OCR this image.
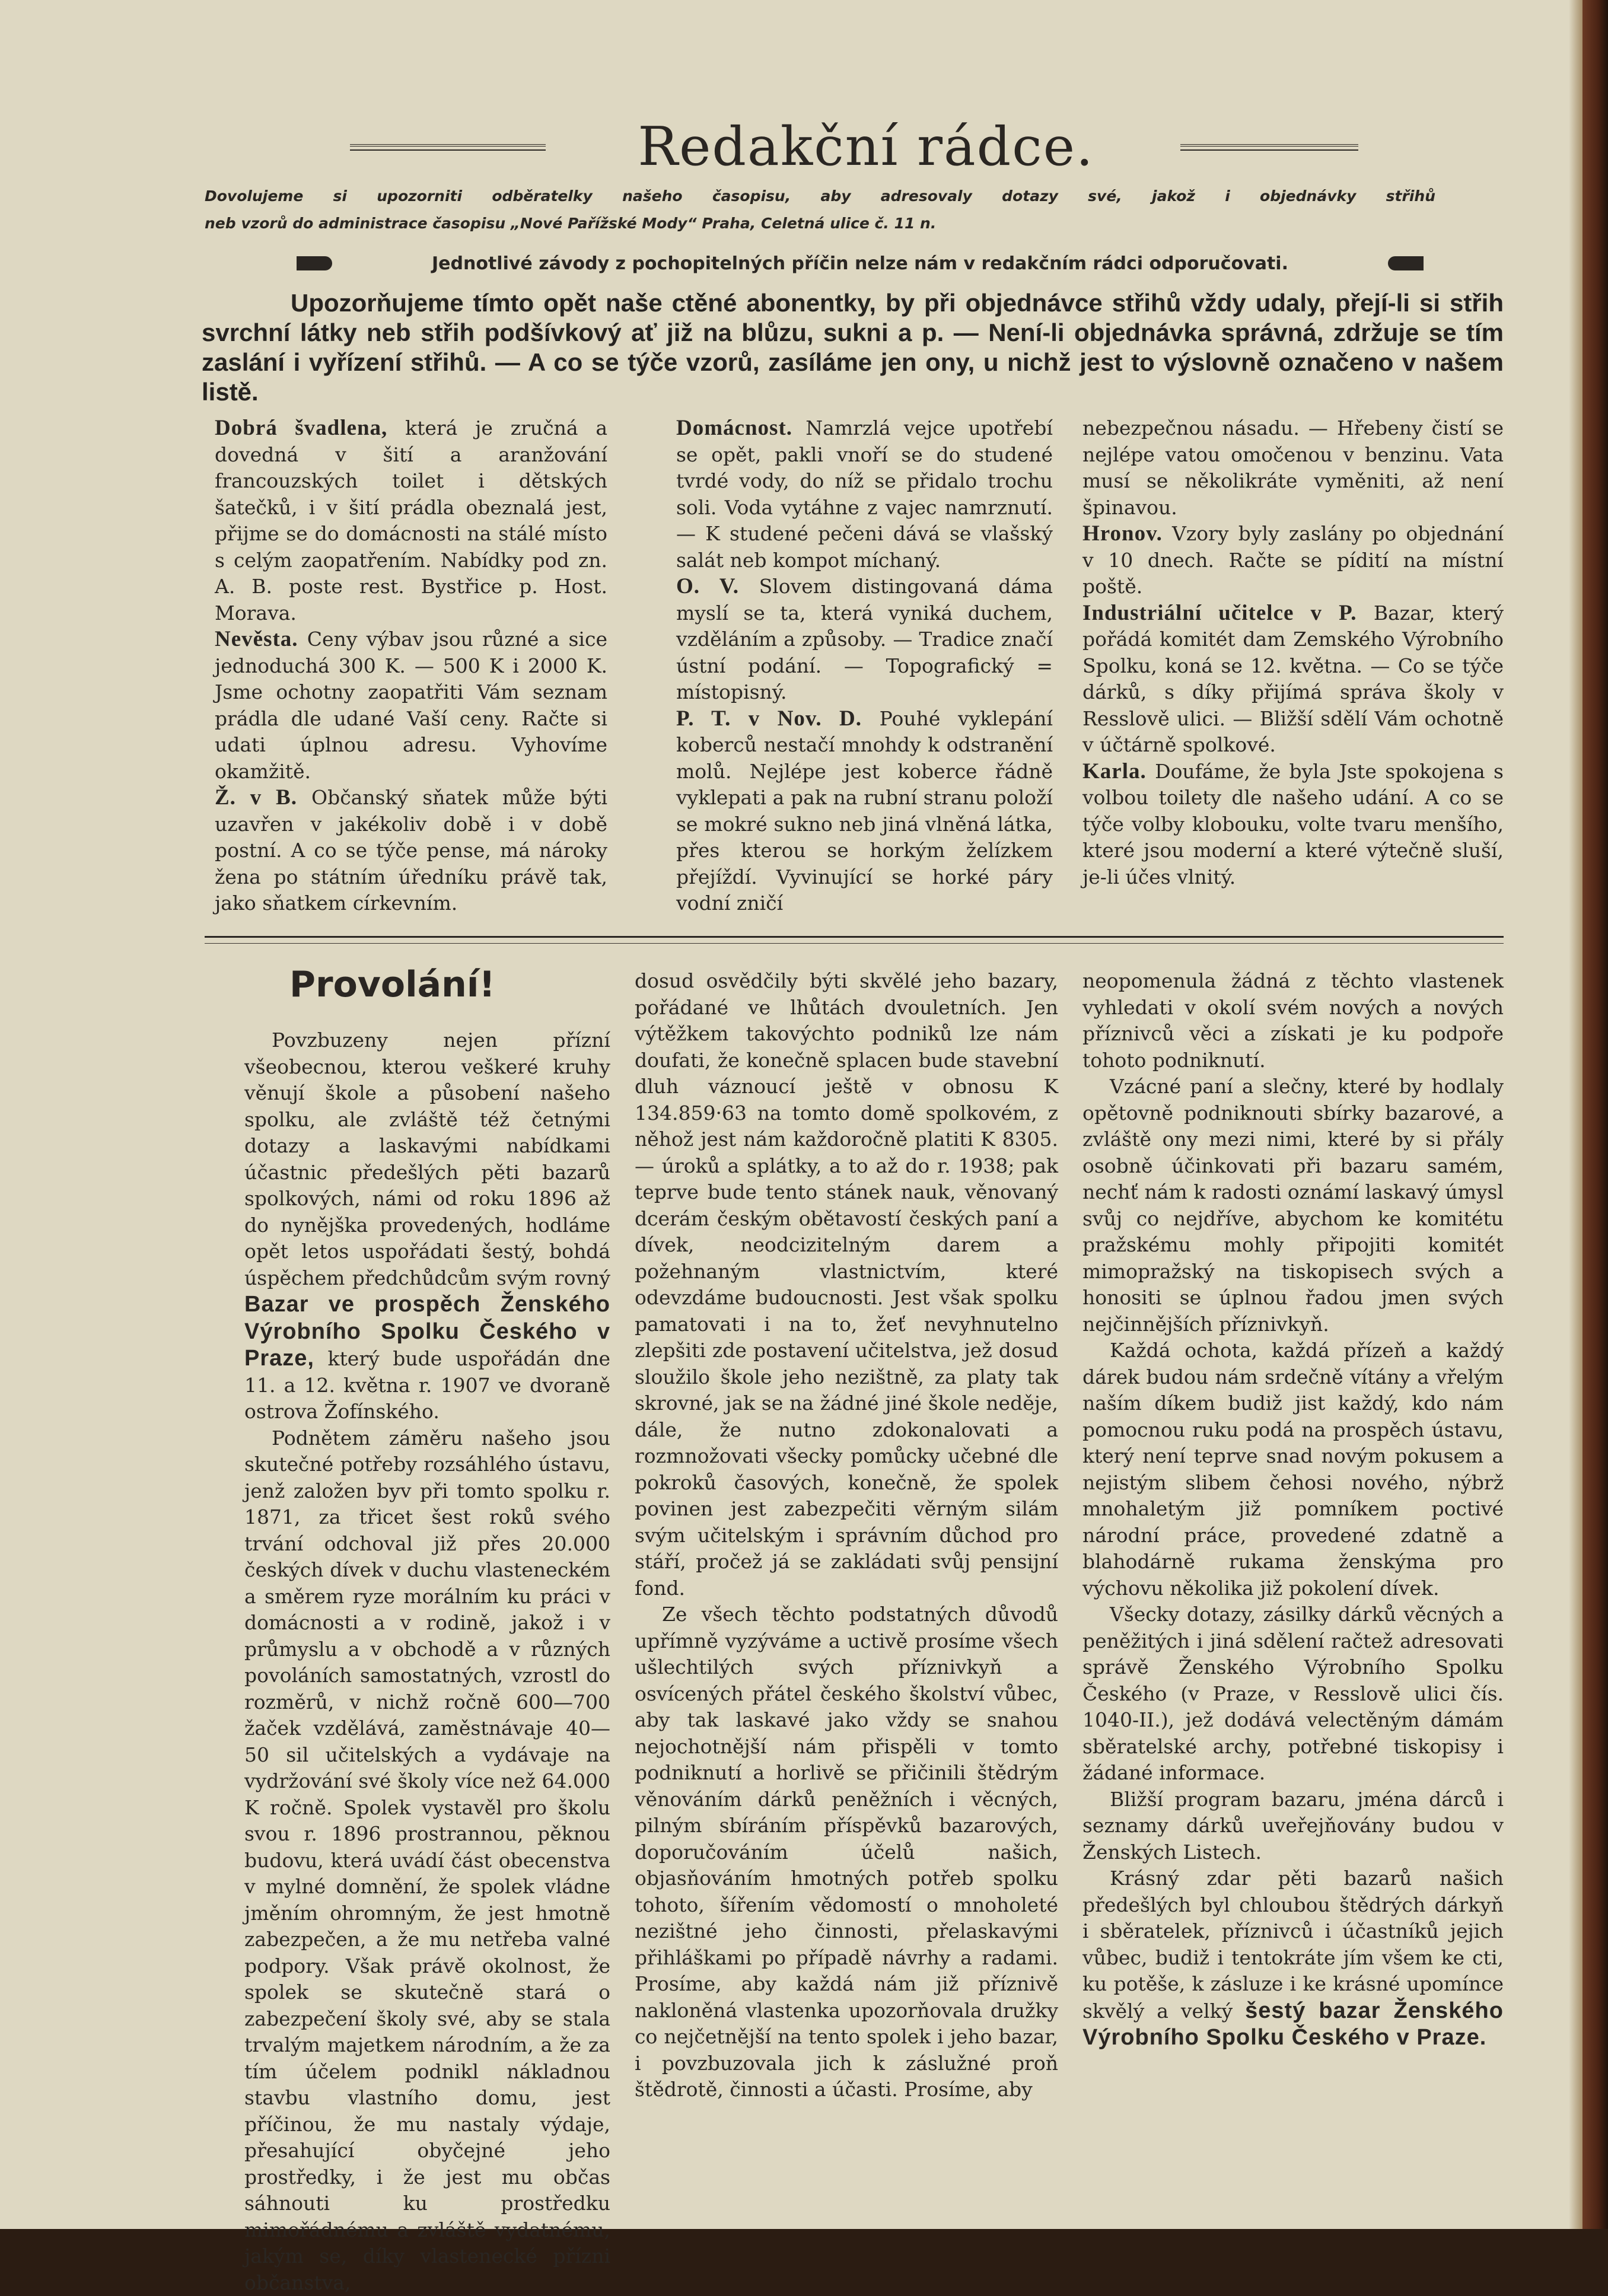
Redakční rádce.
Dovolujeme si upozorniti odběratelky našeho časopisu, aby adresovaly dotazy své, jakož i objednávky střihů
neb vzorů do administrace časopisu „Nové Pařížské Mody“ Praha, Celetná ulice č. 11 n.
Jednotlivé závody z pochopitelných příčin nelze nám v redakčním rádci odporučovati.
Upozorňujeme tímto opět naše ctěné abonentky, by při objednávce střihů vždy udaly, přejí-li si střih svrchní látky neb střih podšívkový ať již na blůzu, sukni a p. — Není-li objednávka správná, zdržuje se tím zaslání i vyřízení střihů. — A co se týče vzorů, zasíláme jen ony, u nichž jest to výslovně označeno v našem listě.

Dobrá švadlena, která je zručná a dovedná v šití a aranžování francouzských toilet i dětských šatečků, i v šití prádla obeznalá jest, přijme se do domácnosti na stálé místo s celým zaopatřením. Nabídky pod zn. A. B. poste rest. Bystřice p. Host. Morava.

Nevěsta. Ceny výbav jsou různé a sice jednoduchá 300 K. — 500 K i 2000 K. Jsme ochotny zaopatřiti Vám seznam prádla dle udané Vaší ceny. Račte si udati úplnou adresu. Vyhovíme okamžitě.

Ž. v B. Občanský sňatek může býti uzavřen v jakékoliv době i v době postní. A co se týče pense, má nároky žena po státním úředníku právě tak, jako sňatkem církevním.

Domácnost. Namrzlá vejce upotřebí se opět, pakli vnoří se do studené tvrdé vody, do níž se přidalo trochu soli. Voda vytáhne z vajec namrznutí. — K studené pečeni dává se vlašský salát neb kompot míchaný.

O. V. Slovem distingovaná dáma myslí se ta, která vyniká duchem, vzděláním a způsoby. — Tradice značí ústní podání. — Topografický = místopisný.

P. T. v Nov. D. Pouhé vyklepání koberců nestačí mnohdy k odstranění molů. Nejlépe jest koberce řádně vyklepati a pak na rubní stranu položí se mokré sukno neb jiná vlněná látka, přes kterou se horkým želízkem přejíždí. Vyvinující se horké páry vodní zničí

nebezpečnou násadu. — Hřebeny čistí se nejlépe vatou omočenou v benzinu. Vata musí se několikráte vyměniti, až není špinavou.

Hronov. Vzory byly zaslány po objednání v 10 dnech. Račte se pídití na místní poště.

Industriální učitelce v P. Bazar, který pořádá komitét dam Zemského Výrobního Spolku, koná se 12. května. — Co se týče dárků, s díky přijímá správa školy v Resslově ulici. — Bližší sdělí Vám ochotně v účtárně spolkové.

Karla. Doufáme, že byla Jste spokojena s volbou toilety dle našeho udání. A co se týče volby klobouku, volte tvaru menšího, které jsou moderní a které výtečně sluší, je-li účes vlnitý.

Provolání!

Povzbuzeny nejen přízní všeobecnou, kterou veškeré kruhy věnují škole a působení našeho spolku, ale zvláště též četnými dotazy a laskavými nabídkami účastnic předešlých pěti bazarů spolkových, námi od roku 1896 až do nynějška provedených, hodláme opět letos uspořádati šestý, bohdá úspěchem předchůdcům svým rovný Bazar ve prospěch Ženského Výrobního Spolku Českého v Praze, který bude uspořádán dne 11. a 12. května r. 1907 ve dvoraně ostrova Žofínského.

Podnětem záměru našeho jsou skutečné potřeby rozsáhlého ústavu, jenž založen byv při tomto spolku r. 1871, za třicet šest roků svého trvání odchoval již přes 20.000 českých dívek v duchu vlasteneckém a směrem ryze morálním ku práci v domácnosti a v rodině, jakož i v průmyslu a v obchodě a v různých povoláních samostatných, vzrostl do rozměrů, v nichž ročně 600—700 žaček vzdělává, zaměstnávaje 40—50 sil učitelských a vydávaje na vydržování své školy více než 64.000 K ročně. Spolek vystavěl pro školu svou r. 1896 prostrannou, pěknou budovu, která uvádí část obecenstva v mylné domnění, že spolek vládne jměním ohromným, že jest hmotně zabezpečen, a že mu netřeba valné podpory. Však právě okolnost, že spolek se skutečně stará o zabezpečení školy své, aby se stala trvalým majetkem národním, a že za tím účelem podnikl nákladnou stavbu vlastního domu, jest příčinou, že mu nastaly výdaje, přesahující obyčejné jeho prostředky, i že jest mu občas sáhnouti ku prostředku mimořádnému a zvláště vydatnému, jakým se, díky vlastenecké přízni občanstva,

dosud osvědčily býti skvělé jeho bazary, pořádané ve lhůtách dvouletních. Jen výtěžkem takovýchto podniků lze nám doufati, že konečně splacen bude stavební dluh váznoucí ještě v obnosu K 134.859·63 na tomto domě spolkovém, z něhož jest nám každoročně platiti K 8305.— úroků a splátky, a to až do r. 1938; pak teprve bude tento stánek nauk, věnovaný dcerám českým obětavostí českých paní a dívek, neodcizitelným darem a požehnaným vlastnictvím, které odevzdáme budoucnosti. Jest však spolku pamatovati i na to, žeť nevyhnutelno zlepšiti zde postavení učitelstva, jež dosud sloužilo škole jeho nezištně, za platy tak skrovné, jak se na žádné jiné škole neděje, dále, že nutno zdokonalovati a rozmnožovati všecky pomůcky učebné dle pokroků časových, konečně, že spolek povinen jest zabezpečiti věrným silám svým učitelským i správním důchod pro stáří, pročež já se zakládati svůj pensijní fond.

Ze všech těchto podstatných důvodů upřímně vyzýváme a uctivě prosíme všech ušlechtilých svých příznivkyň a osvícených přátel českého školství vůbec, aby tak laskavé jako vždy se snahou nejochotnější nám přispěli v tomto podniknutí a horlivě se přičinili štědrým věnováním dárků peněžních i věcných, pilným sbíráním příspěvků bazarových, doporučováním účelů našich, objasňováním hmotných potřeb spolku tohoto, šířením vědomostí o mnoholeté nezištné jeho činnosti, přelaskavými přihláškami po případě návrhy a radami. Prosíme, aby každá nám již příznivě nakloněná vlastenka upozorňovala družky co nejčetnější na tento spolek i jeho bazar, i povzbuzovala jich k záslužné proň štědrotě, činnosti a účasti. Prosíme, aby

neopomenula žádná z těchto vlastenek vyhledati v okolí svém nových a nových příznivců věci a získati je ku podpoře tohoto podniknutí.

Vzácné paní a slečny, které by hodlaly opětovně podniknouti sbírky bazarové, a zvláště ony mezi nimi, které by si přály osobně účinkovati při bazaru samém, nechť nám k radosti oznámí laskavý úmysl svůj co nejdříve, abychom ke komitétu pražskému mohly připojiti komitét mimopražský na tiskopisech svých a honositi se úplnou řadou jmen svých nejčinnějších příznivkyň.

Každá ochota, každá přízeň a každý dárek budou nám srdečně vítány a vřelým naším díkem budiž jist každý, kdo nám pomocnou ruku podá na prospěch ústavu, který není teprve snad novým pokusem a nejistým slibem čehosi nového, nýbrž mnohaletým již pomníkem poctivé národní práce, provedené zdatně a blahodárně rukama ženskýma pro výchovu několika již pokolení dívek.

Všecky dotazy, zásilky dárků věcných a peněžitých i jiná sdělení račtež adresovati správě Ženského Výrobního Spolku Českého (v Praze, v Resslově ulici čís. 1040-II.), jež dodává velectěným dámám sběratelské archy, potřebné tiskopisy i žádané informace.

Bližší program bazaru, jména dárců i seznamy dárků uveřejňovány budou v Ženských Listech.

Krásný zdar pěti bazarů našich předešlých byl chloubou štědrých dárkyň i sběratelek, příznivců i účastníků jejich vůbec, budiž i tentokráte jím všem ke cti, ku potěše, k zásluze i ke krásné upomínce skvělý a velký šestý bazar Ženského Výrobního Spolku Českého v Praze.
